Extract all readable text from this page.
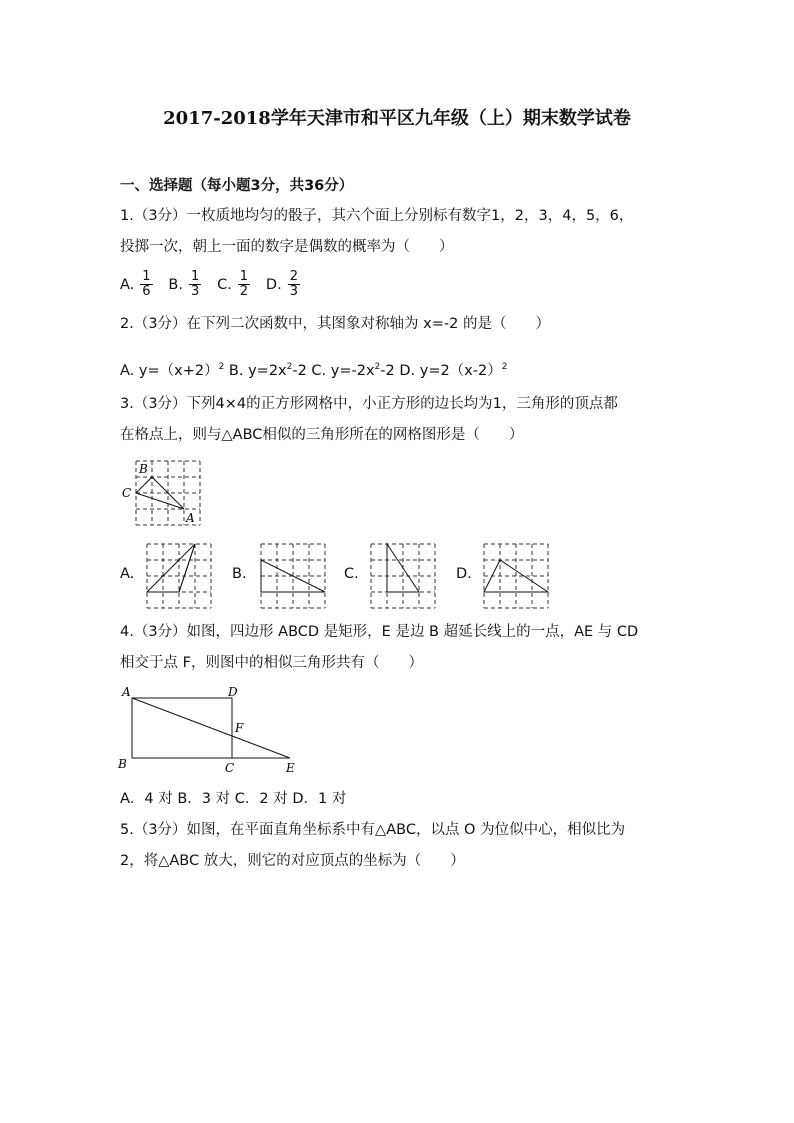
2017-2018学年天津市和平区九年级（上）期末数学试卷
一、选择题（每小题3分，共36分）
1.（3分）一枚质地均匀的骰子，其六个面上分别标有数字1，2，3，4，5，6，
投掷一次，朝上一面的数字是偶数的概率为（　　）
A. $\frac{1}{6} B$. $\frac{1}{3} C$. $\frac{1}{2} D$. $\frac{2}{3}$
2.（3分）在下列二次函数中，其图象对称轴为 x=-2 的是（　　）
A. $y=(x+2)^2$ B. $y=2x^2-2$ C. $y=-2x^2-2$ D. $y=2(x-2)^2$
3.（3分）下列4×4的正方形网格中，小正方形的边长均为1，三角形的顶点都
在格点上，则与△ABC相似的三角形所在的网格图形是（　　）
B
C
A
A.	B.	C.	D.
4.（3分）如图，四边形 ABCD 是矩形，E 是边 B 超延长线上的一点，AE 与 CD
相交于点 F，则图中的相似三角形共有（　　）
A	D
F
B	C	E
A．4 对 B．3 对 C．2 对 D．1 对
5.（3分）如图，在平面直角坐标系中有△ABC，以点 O 为位似中心，相似比为
2，将△ABC 放大，则它的对应顶点的坐标为（　　）
